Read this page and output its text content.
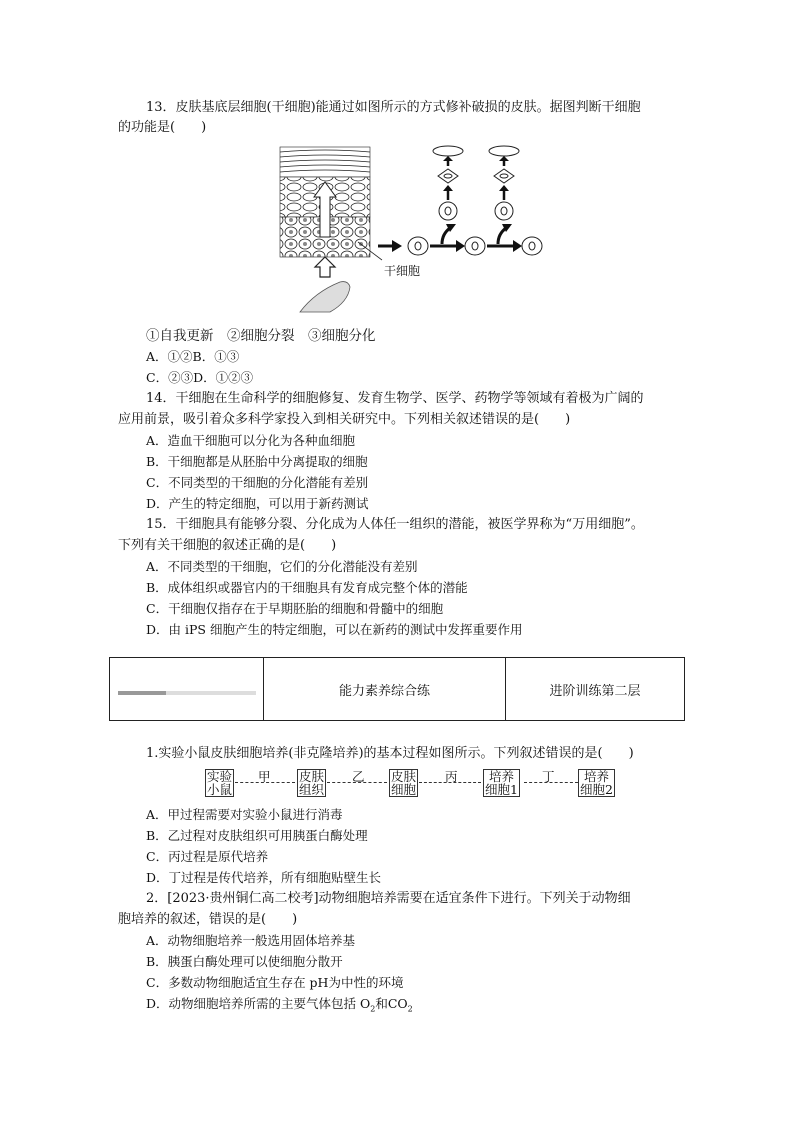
13．皮肤基底层细胞(干细胞)能通过如图所示的方式修补破损的皮肤。据图判断干细胞
的功能是(　　)
干细胞
①自我更新　②细胞分裂　③细胞分化
A．①②B．①③
C．②③D．①②③
14．干细胞在生命科学的细胞修复、发育生物学、医学、药物学等领域有着极为广阔的
应用前景，吸引着众多科学家投入到相关研究中。下列相关叙述错误的是(　　)
A．造血干细胞可以分化为各种血细胞
B．干细胞都是从胚胎中分离提取的细胞
C．不同类型的干细胞的分化潜能有差别
D．产生的特定细胞，可以用于新药测试
15．干细胞具有能够分裂、分化成为人体任一组织的潜能，被医学界称为“万用细胞”。
下列有关干细胞的叙述正确的是(　　)
A．不同类型的干细胞，它们的分化潜能没有差别
B．成体组织或器官内的干细胞具有发育成完整个体的潜能
C．干细胞仅指存在于早期胚胎的细胞和骨髓中的细胞
D．由 iPS 细胞产生的特定细胞，可以在新药的测试中发挥重要作用
能力素养综合练	进阶训练第二层
1.实验小鼠皮肤细胞培养(非克隆培养)的基本过程如图所示。下列叙述错误的是(　　)
实验
小鼠
甲 皮肤
组织
乙 皮肤
细胞
丙	培养
细胞1
丁	培养
细胞2
A．甲过程需要对实验小鼠进行消毒
B．乙过程对皮肤组织可用胰蛋白酶处理
C．丙过程是原代培养
D．丁过程是传代培养，所有细胞贴壁生长
2．[2023·贵州铜仁高二校考]动物细胞培养需要在适宜条件下进行。下列关于动物细
胞培养的叙述，错误的是(　　)
A．动物细胞培养一般选用固体培养基
B．胰蛋白酶处理可以使细胞分散开
C．多数动物细胞适宜生存在 pH为中性的环境
D．动物细胞培养所需的主要气体包括 $O_2$和$CO_2$
